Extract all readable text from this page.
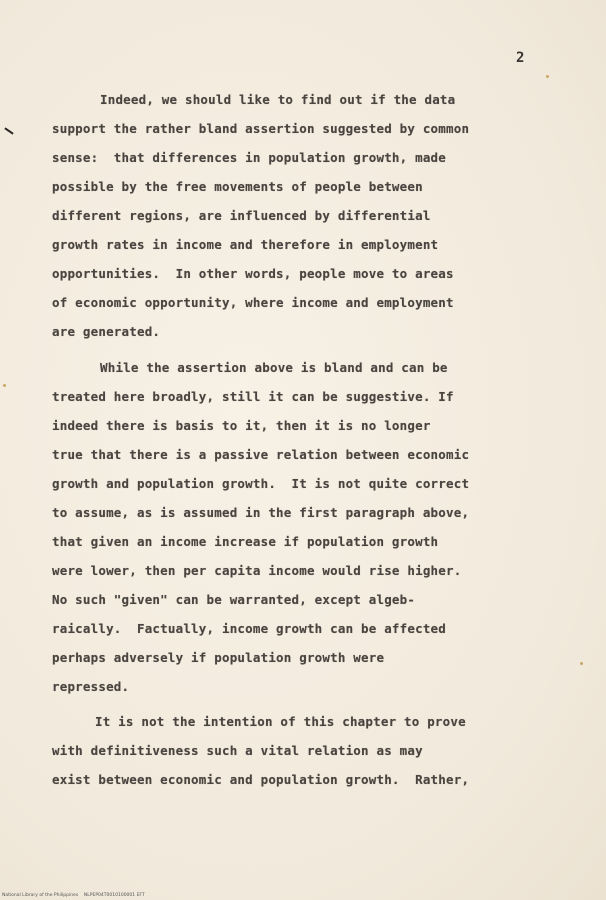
2
Indeed, we should like to find out if the data
support the rather bland assertion suggested by common
sense:  that differences in population growth, made
possible by the free movements of people between
different regions, are influenced by differential
growth rates in income and therefore in employment
opportunities.  In other words, people move to areas
of economic opportunity, where income and employment
are generated.
While the assertion above is bland and can be
treated here broadly, still it can be suggestive. If
indeed there is basis to it, then it is no longer
true that there is a passive relation between economic
growth and population growth.  It is not quite correct
to assume, as is assumed in the first paragraph above,
that given an income increase if population growth
were lower, then per capita income would rise higher.
No such "given" can be warranted, except algeb-
raically.  Factually, income growth can be affected
perhaps adversely if population growth were
repressed.
It is not the intention of this chapter to prove
with definitiveness such a vital relation as may
exist between economic and population growth.  Rather,
National Library of the Philippines    NLPEP04T0010100001 EFT
